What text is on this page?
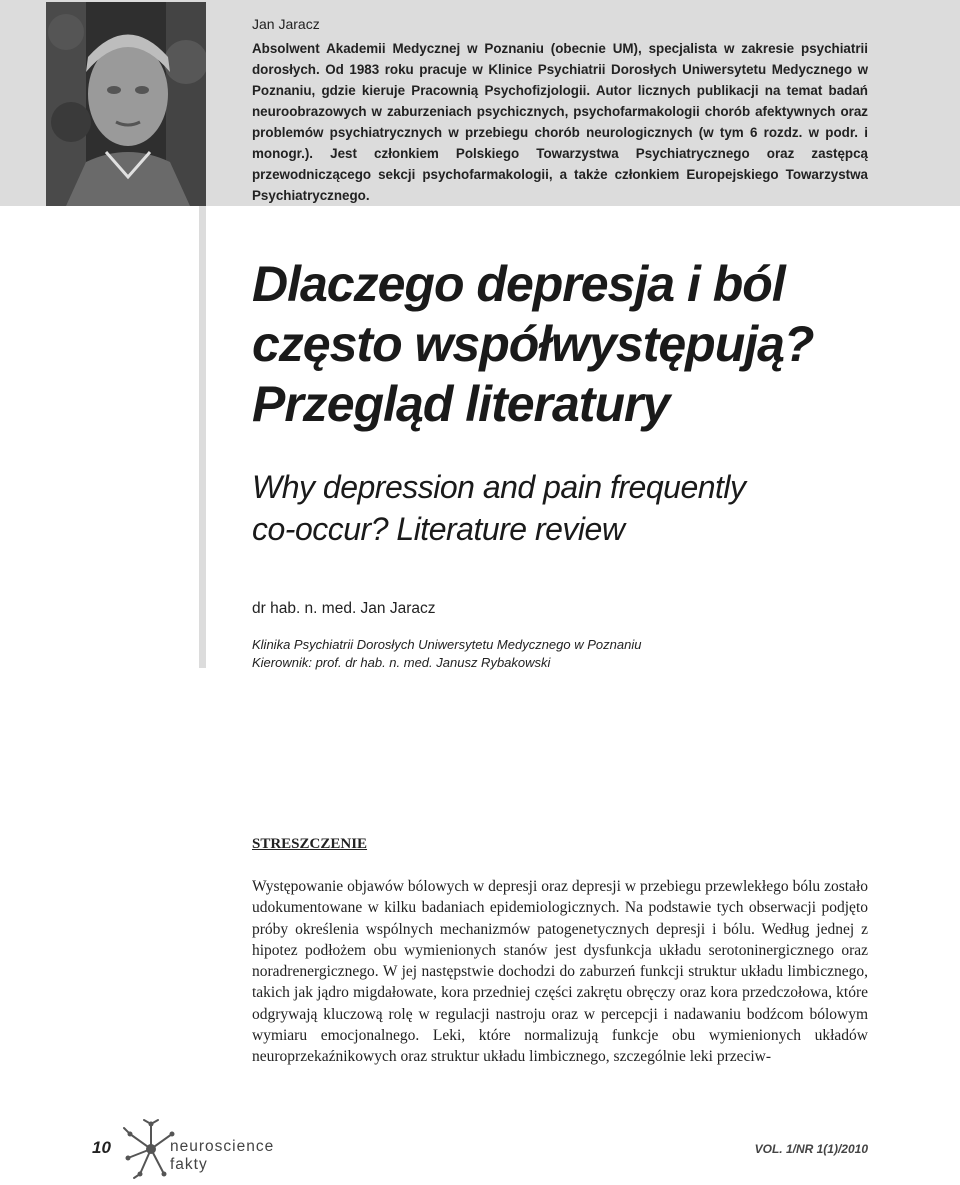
Jan Jaracz
Absolwent Akademii Medycznej w Poznaniu (obecnie UM), specjalista w zakresie psychiatrii dorosłych. Od 1983 roku pracuje w Klinice Psychiatrii Dorosłych Uniwersytetu Medycznego w Poznaniu, gdzie kieruje Pracownią Psychofizjologii. Autor licznych publikacji na temat badań neuroobrazowych w zaburzeniach psychicznych, psychofarmakologii chorób afektywnych oraz problemów psychiatrycznych w przebiegu chorób neurologicznych (w tym 6 rozdz. w podr. i monogr.). Jest członkiem Polskiego Towarzystwa Psychiatrycznego oraz zastępcą przewodniczącego sekcji psychofarmakologii, a także członkiem Europejskiego Towarzystwa Psychiatrycznego.
Dlaczego depresja i ból
często współwystępują?
Przegląd literatury
Why depression and pain frequently
co-occur? Literature review
dr hab. n. med. Jan Jaracz
Klinika Psychiatrii Dorosłych Uniwersytetu Medycznego w Poznaniu
Kierownik: prof. dr hab. n. med. Janusz Rybakowski
STRESZCZENIE
Występowanie objawów bólowych w depresji oraz depresji w przebiegu przewlekłego bólu zostało udokumentowane w kilku badaniach epidemiologicznych. Na podstawie tych obserwacji podjęto próby określenia wspólnych mechanizmów patogenetycznych depresji i bólu. Według jednej z hipotez podłożem obu wymienionych stanów jest dysfunkcja układu serotoninergicznego oraz noradrenergicznego. W jej następstwie dochodzi do zaburzeń funkcji struktur układu limbicznego, takich jak jądro migdałowate, kora przedniej części zakrętu obręczy oraz kora przedczołowa, które odgrywają kluczową rolę w regulacji nastroju oraz w percepcji i nadawaniu bodźcom bólowym wymiaru emocjonalnego. Leki, które normalizują funkcje obu wymienionych układów neuroprzekaźnikowych oraz struktur układu limbicznego, szczególnie leki przeciw-
10	neuroscience
fakty
VOL. 1/NR 1(1)/2010
